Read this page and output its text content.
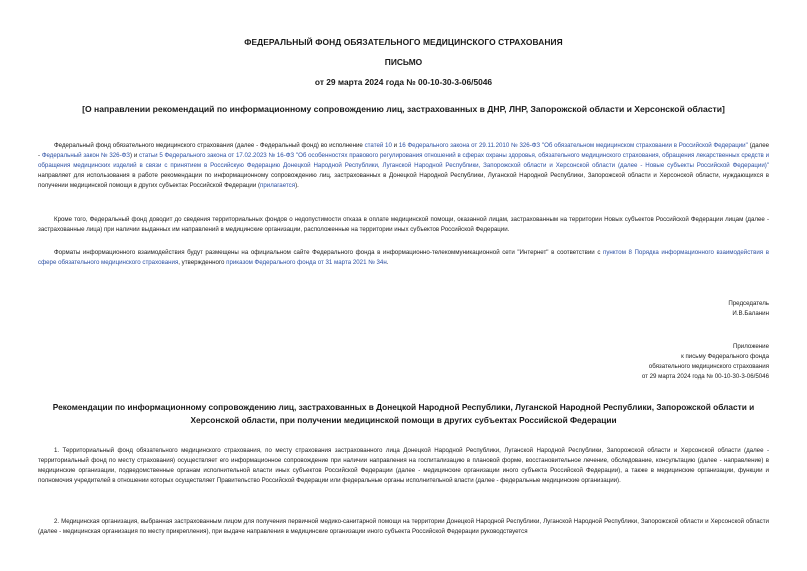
ФЕДЕРАЛЬНЫЙ ФОНД ОБЯЗАТЕЛЬНОГО МЕДИЦИНСКОГО СТРАХОВАНИЯ
ПИСЬМО
от 29 марта 2024 года № 00-10-30-3-06/5046
[О направлении рекомендаций по информационному сопровождению лиц, застрахованных в ДНР, ЛНР, Запорожской области и Херсонской области]

Федеральный фонд обязательного медицинского страхования (далее - Федеральный фонд) во исполнение статей 10 и 16 Федерального закона от 29.11.2010 № 326-ФЗ "Об обязательном медицинском страховании в Российской Федерации" (далее - Федеральный закон № 326-ФЗ) и статьи 5 Федерального закона от 17.02.2023 № 16-ФЗ "Об особенностях правового регулирования отношений в сферах охраны здоровья, обязательного медицинского страхования, обращения лекарственных средств и обращения медицинских изделий в связи с принятием в Российскую Федерацию Донецкой Народной Республики, Луганской Народной Республики, Запорожской области и Херсонской области (далее - Новые субъекты Российской Федерации)" направляет для использования в работе рекомендации по информационному сопровождению лиц, застрахованных в Донецкой Народной Республики, Луганской Народной Республики, Запорожской области и Херсонской области, нуждающихся в получении медицинской помощи в других субъектах Российской Федерации (прилагается).

Кроме того, Федеральный фонд доводит до сведения территориальных фондов о недопустимости отказа в оплате медицинской помощи, оказанной лицам, застрахованным на территории Новых субъектов Российской Федерации лицам (далее - застрахованные лица) при наличии выданных им направлений в медицинские организации, расположенные на территории иных субъектов Российской Федерации.

Форматы информационного взаимодействия будут размещены на официальном сайте Федерального фонда в информационно-телекоммуникационной сети "Интернет" в соответствии с пунктом 8 Порядка информационного взаимодействия в сфере обязательного медицинского страхования, утвержденного приказом Федерального фонда от 31 марта 2021 № 34н.

Председатель
И.В.Баланин
Приложение
к письму Федерального фонда
обязательного медицинского страхования
от 29 марта 2024 года № 00-10-30-3-06/5046
Рекомендации по информационному сопровождению лиц, застрахованных в Донецкой Народной Республики, Луганской Народной Республики, Запорожской области и Херсонской области, при получении медицинской помощи в других субъектах Российской Федерации

1. Территориальный фонд обязательного медицинского страхования, по месту страхования застрахованного лица Донецкой Народной Республики, Луганской Народной Республики, Запорожской области и Херсонской области (далее - территориальный фонд по месту страхования) осуществляет его информационное сопровождение при наличии направления на госпитализацию в плановой форме, восстановительное лечение, обследование, консультацию (далее - направление) в медицинские организации, подведомственные органам исполнительной власти иных субъектов Российской Федерации (далее - медицинские организации иного субъекта Российской Федерации), а также в медицинские организации, функции и полномочия учредителей в отношении которых осуществляет Правительство Российской Федерации или федеральные органы исполнительной власти (далее - федеральные медицинские организации).

2. Медицинская организация, выбранная застрахованным лицом для получения первичной медико-санитарной помощи на территории Донецкой Народной Республики, Луганской Народной Республики, Запорожской области и Херсонской области (далее - медицинская организация по месту прикрепления), при выдаче направления в медицинские организации иного субъекта Российской Федерации руководствуется
